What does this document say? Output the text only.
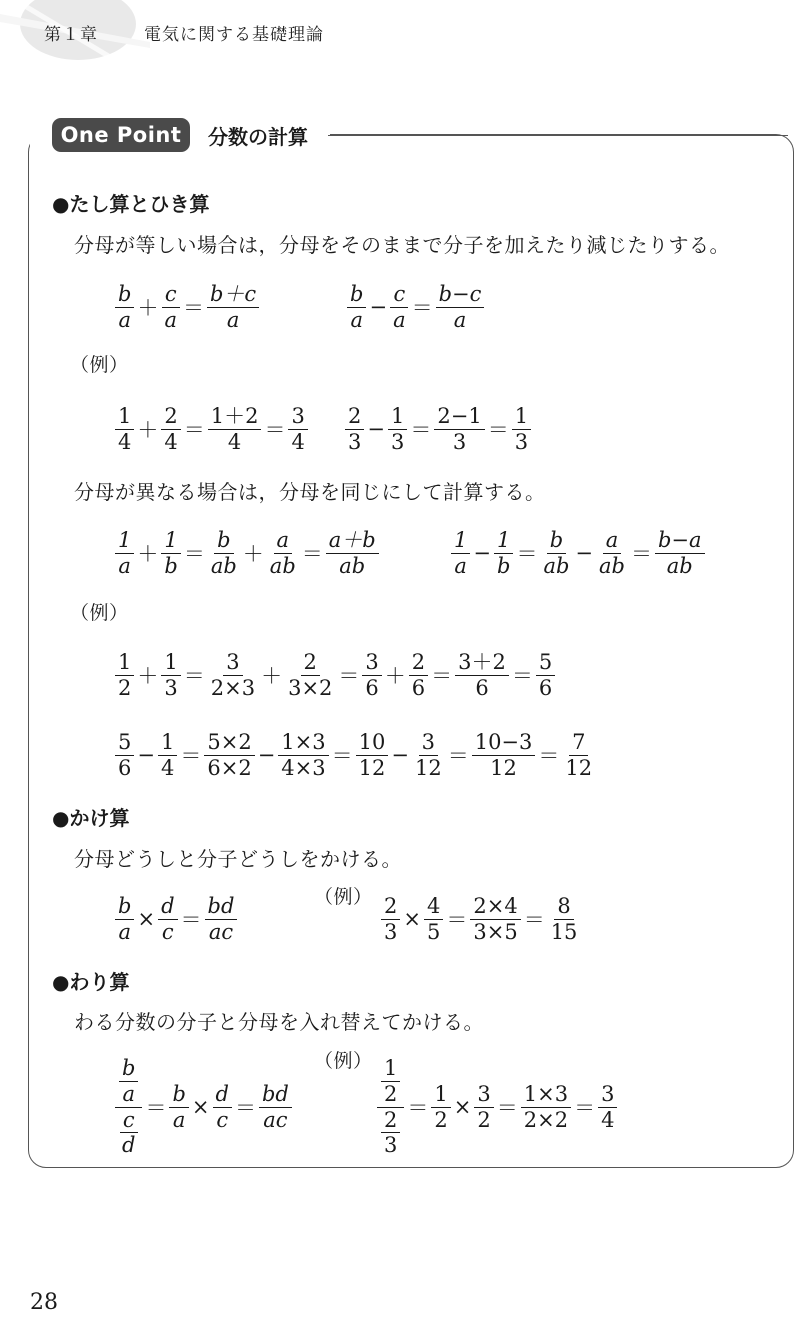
第１章	電気に関する基礎理論
One Point	分数の計算
●たし算とひき算
分母が等しい場合は，分母をそのままで分子を加えたり減じたりする。
$\frac{b}{a} + \frac{c}{a} = \frac{b+c}{a}$	$\frac{b}{a} - \frac{c}{a} = \frac{b-c}{a}$
（例）
$\frac{1}{4} + \frac{2}{4} = \frac{1+2}{4} = \frac{3}{4} \frac{2}{3} - \frac{1}{3} = \frac{2-1}{3} = \frac{1}{3}$
分母が異なる場合は，分母を同じにして計算する。
$\frac{1}{a} + \frac{1}{b} = \frac{b}{ab} + \frac{a}{ab} = \frac{a+b}{ab}$	$\frac{1}{a} - \frac{1}{b} = \frac{b}{ab} - \frac{a}{ab} = \frac{b-a}{ab}$
（例）
$\frac{1}{2} + \frac{1}{3} = \frac{3}{2\times 3} + \frac{2}{3\times 2} = \frac{3}{6} + \frac{2}{6} = \frac{3+2}{6} = \frac{5}{6}$
$\frac{5}{6} - \frac{1}{4} = \frac{5\times 2}{6\times 2} - \frac{1\times 3}{4\times 3} = \frac{10}{12} - \frac{3}{12} = \frac{10-3}{12} = \frac{7}{12}$
●かけ算
分母どうしと分子どうしをかける。
$\frac{b}{a} \times \frac{d}{c} = \frac{bd}{ac}$	（例） $\frac{2}{3} \times \frac{4}{5} = \frac{2\times 4}{3\times 5} = \frac{8}{15}$
●わり算
わる分数の分子と分母を入れ替えてかける。
$\frac{\frac{b}{a}}{\frac{c}{d}} = \frac{b}{a} \times \frac{d}{c} = \frac{bd}{ac}$
（例） $\frac{\frac{1}{2}}{\frac{2}{3}} = \frac{1}{2} \times \frac{3}{2} = \frac{1\times 3}{2\times 2} = \frac{3}{4}$
28
